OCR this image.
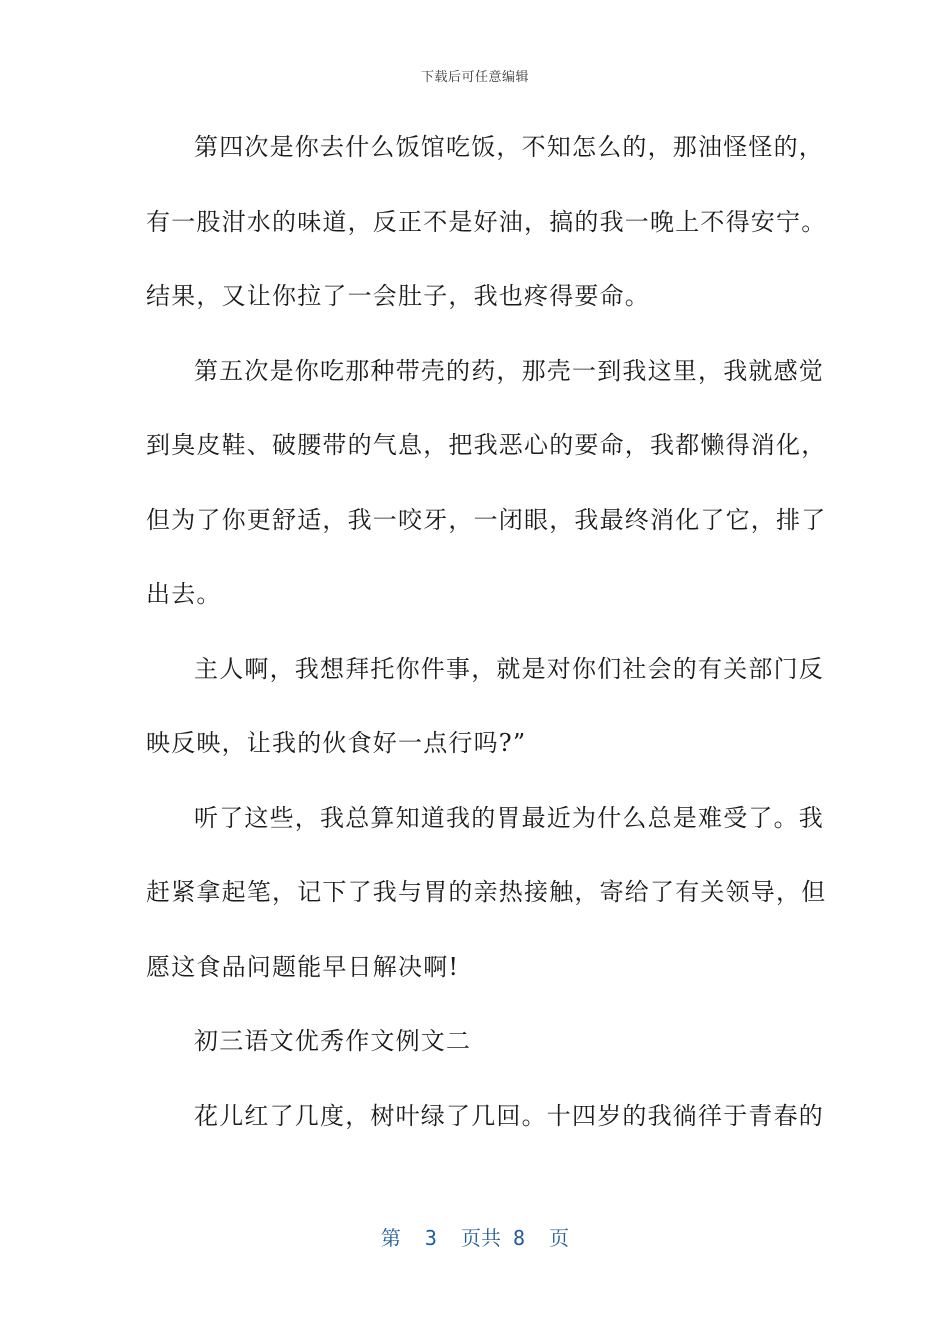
下载后可任意编辑
第四次是你去什么饭馆吃饭，不知怎么的，那油怪怪的，
有一股泔水的味道，反正不是好油，搞的我一晚上不得安宁。
结果，又让你拉了一会肚子，我也疼得要命。
第五次是你吃那种带壳的药，那壳一到我这里，我就感觉
到臭皮鞋、破腰带的气息，把我恶心的要命，我都懒得消化，
但为了你更舒适，我一咬牙，一闭眼，我最终消化了它，排了
出去。
主人啊，我想拜托你件事，就是对你们社会的有关部门反
映反映，让我的伙食好一点行吗?”
听了这些，我总算知道我的胃最近为什么总是难受了。我
赶紧拿起笔，记下了我与胃的亲热接触，寄给了有关领导，但
愿这食品问题能早日解决啊!
初三语文优秀作文例文二
花儿红了几度，树叶绿了几回。十四岁的我徜徉于青春的
第  3  页共 8  页
